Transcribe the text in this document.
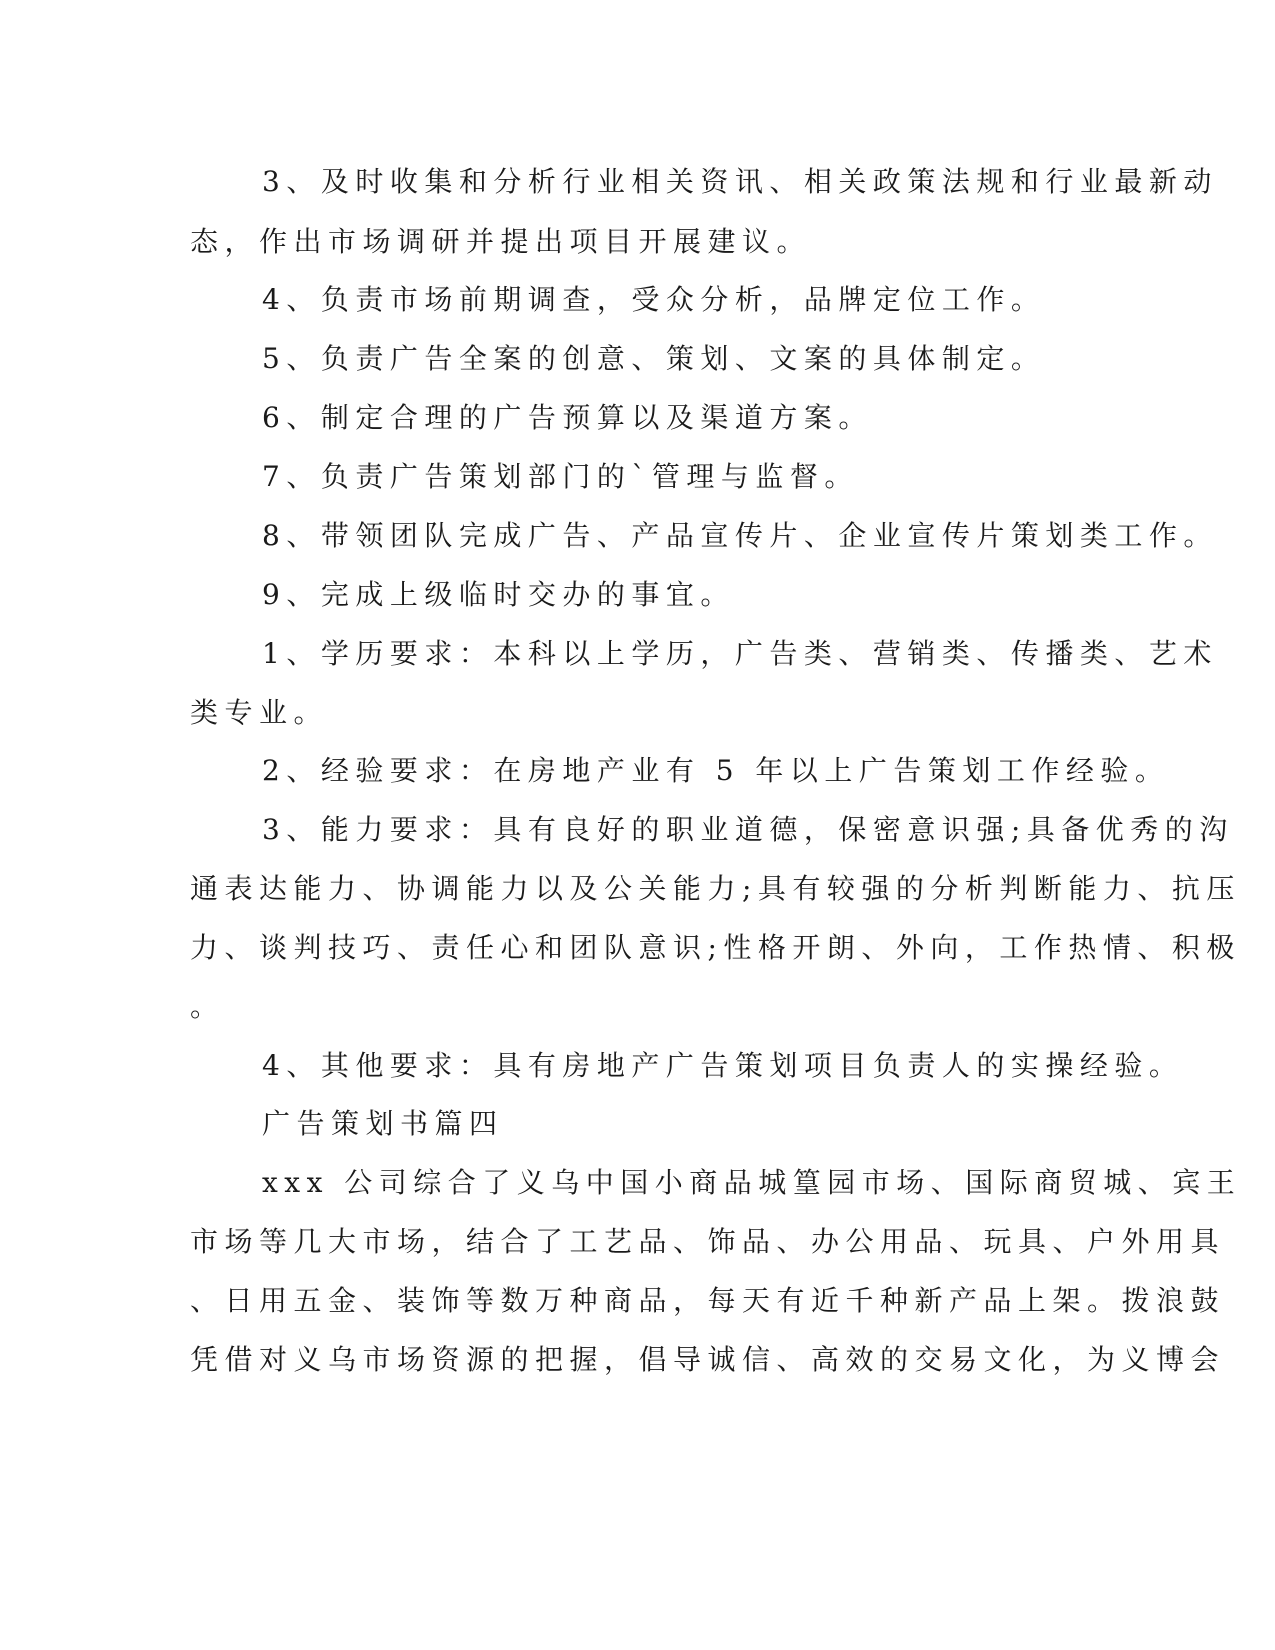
3、及时收集和分析行业相关资讯、相关政策法规和行业最新动

态，作出市场调研并提出项目开展建议。

4、负责市场前期调查，受众分析，品牌定位工作。

5、负责广告全案的创意、策划、文案的具体制定。

6、制定合理的广告预算以及渠道方案。

7、负责广告策划部门的`管理与监督。

8、带领团队完成广告、产品宣传片、企业宣传片策划类工作。

9、完成上级临时交办的事宜。

1、学历要求：本科以上学历，广告类、营销类、传播类、艺术

类专业。

2、经验要求：在房地产业有 5 年以上广告策划工作经验。

3、能力要求：具有良好的职业道德，保密意识强;具备优秀的沟

通表达能力、协调能力以及公关能力;具有较强的分析判断能力、抗压

力、谈判技巧、责任心和团队意识;性格开朗、外向，工作热情、积极

。

4、其他要求：具有房地产广告策划项目负责人的实操经验。

广告策划书篇四

xxx 公司综合了义乌中国小商品城篁园市场、国际商贸城、宾王

市场等几大市场，结合了工艺品、饰品、办公用品、玩具、户外用具

、日用五金、装饰等数万种商品，每天有近千种新产品上架。拨浪鼓

凭借对义乌市场资源的把握，倡导诚信、高效的交易文化，为义博会
